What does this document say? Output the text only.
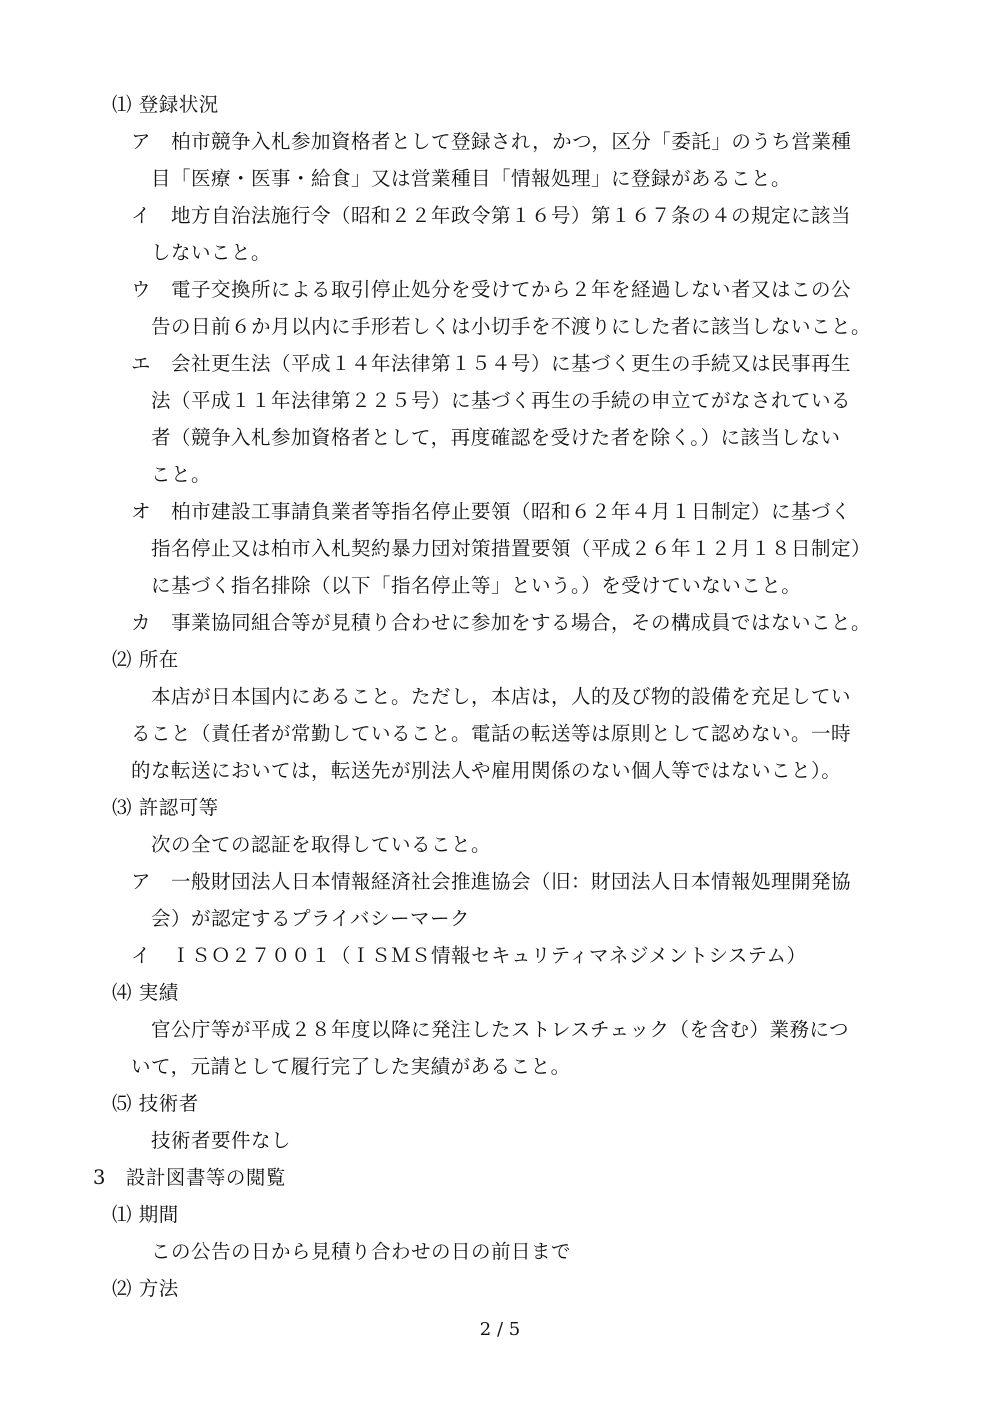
⑴ 登録状況
ア　柏市競争入札参加資格者として登録され，かつ，区分「委託」のうち営業種
目「医療・医事・給食」又は営業種目「情報処理」に登録があること。
イ　地方自治法施行令（昭和２２年政令第１６号）第１６７条の４の規定に該当
しないこと。
ウ　電子交換所による取引停止処分を受けてから２年を経過しない者又はこの公
告の日前６か月以内に手形若しくは小切手を不渡りにした者に該当しないこと。
エ　会社更生法（平成１４年法律第１５４号）に基づく更生の手続又は民事再生
法（平成１１年法律第２２５号）に基づく再生の手続の申立てがなされている
者（競争入札参加資格者として，再度確認を受けた者を除く。）に該当しない
こと。
オ　柏市建設工事請負業者等指名停止要領（昭和６２年４月１日制定）に基づく
指名停止又は柏市入札契約暴力団対策措置要領（平成２６年１２月１８日制定）
に基づく指名排除（以下「指名停止等」という。）を受けていないこと。
カ　事業協同組合等が見積り合わせに参加をする場合，その構成員ではないこと。
⑵ 所在
本店が日本国内にあること。ただし，本店は，人的及び物的設備を充足してい
ること（責任者が常勤していること。電話の転送等は原則として認めない。一時
的な転送においては，転送先が別法人や雇用関係のない個人等ではないこと）。
⑶ 許認可等
次の全ての認証を取得していること。
ア　一般財団法人日本情報経済社会推進協会（旧：財団法人日本情報処理開発協
会）が認定するプライバシーマーク
イ　ＩＳＯ２７００１（ＩＳＭＳ情報セキュリティマネジメントシステム）
⑷ 実績
官公庁等が平成２８年度以降に発注したストレスチェック（を含む）業務につ
いて，元請として履行完了した実績があること。
⑸ 技術者
技術者要件なし
3　設計図書等の閲覧
⑴ 期間
この公告の日から見積り合わせの日の前日まで
⑵ 方法
2 / 5
